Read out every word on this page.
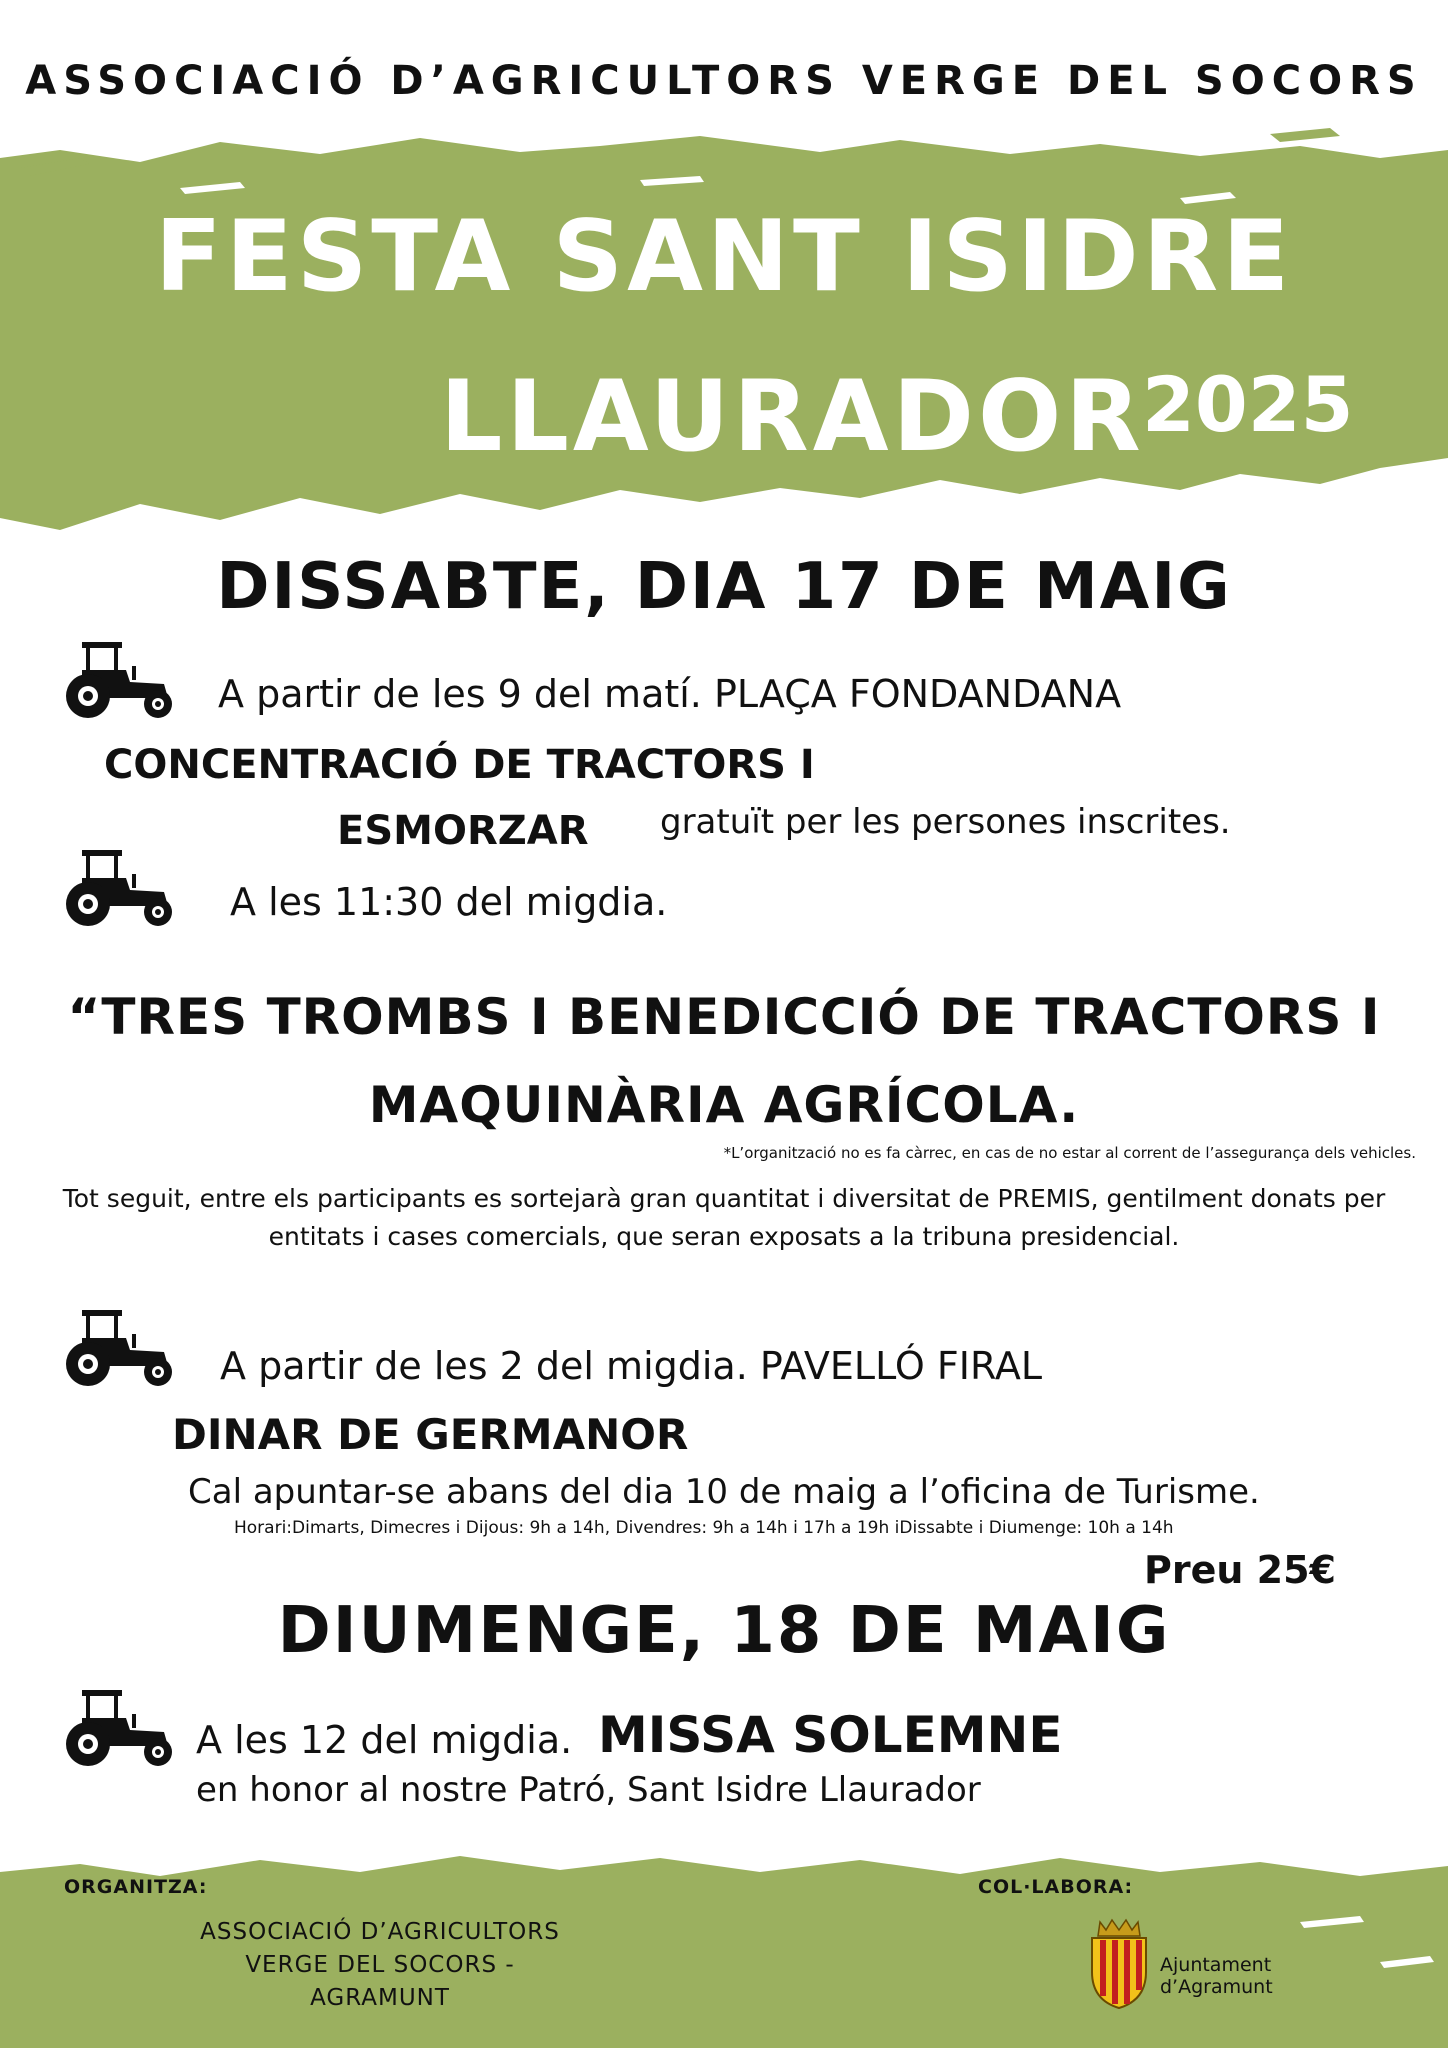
ASSOCIACIÓ D’AGRICULTORS VERGE DEL SOCORS
FESTA SANT ISIDRE
LLAURADOR
2025
DISSABTE, DIA 17 DE MAIG
A partir de les 9 del matí. PLAÇA FONDANDANA
CONCENTRACIÓ DE TRACTORS I
ESMORZAR gratuït per les persones inscrites.
A les 11:30 del migdia.
“TRES TROMBS I BENEDICCIÓ DE TRACTORS I
MAQUINÀRIA AGRÍCOLA.
*L’organització no es fa càrrec, en cas de no estar al corrent de l’assegurança dels vehicles.
Tot seguit, entre els participants es sortejarà gran quantitat i diversitat de PREMIS, gentilment donats per
entitats i cases comercials, que seran exposats a la tribuna presidencial.
A partir de les 2 del migdia. PAVELLÓ FIRAL
DINAR DE GERMANOR
Cal apuntar-se abans del dia 10 de maig a l’oficina de Turisme.
Horari:Dimarts, Dimecres i Dijous: 9h a 14h, Divendres: 9h a 14h i 17h a 19h iDissabte i Diumenge: 10h a 14h
Preu 25€
DIUMENGE, 18 DE MAIG
A les 12 del migdia. MISSA SOLEMNE
en honor al nostre Patró, Sant Isidre Llaurador
ORGANITZA:
ASSOCIACIÓ D’AGRICULTORS
VERGE DEL SOCORS -
AGRAMUNT
COL·LABORA:
Ajuntament
d’Agramunt
